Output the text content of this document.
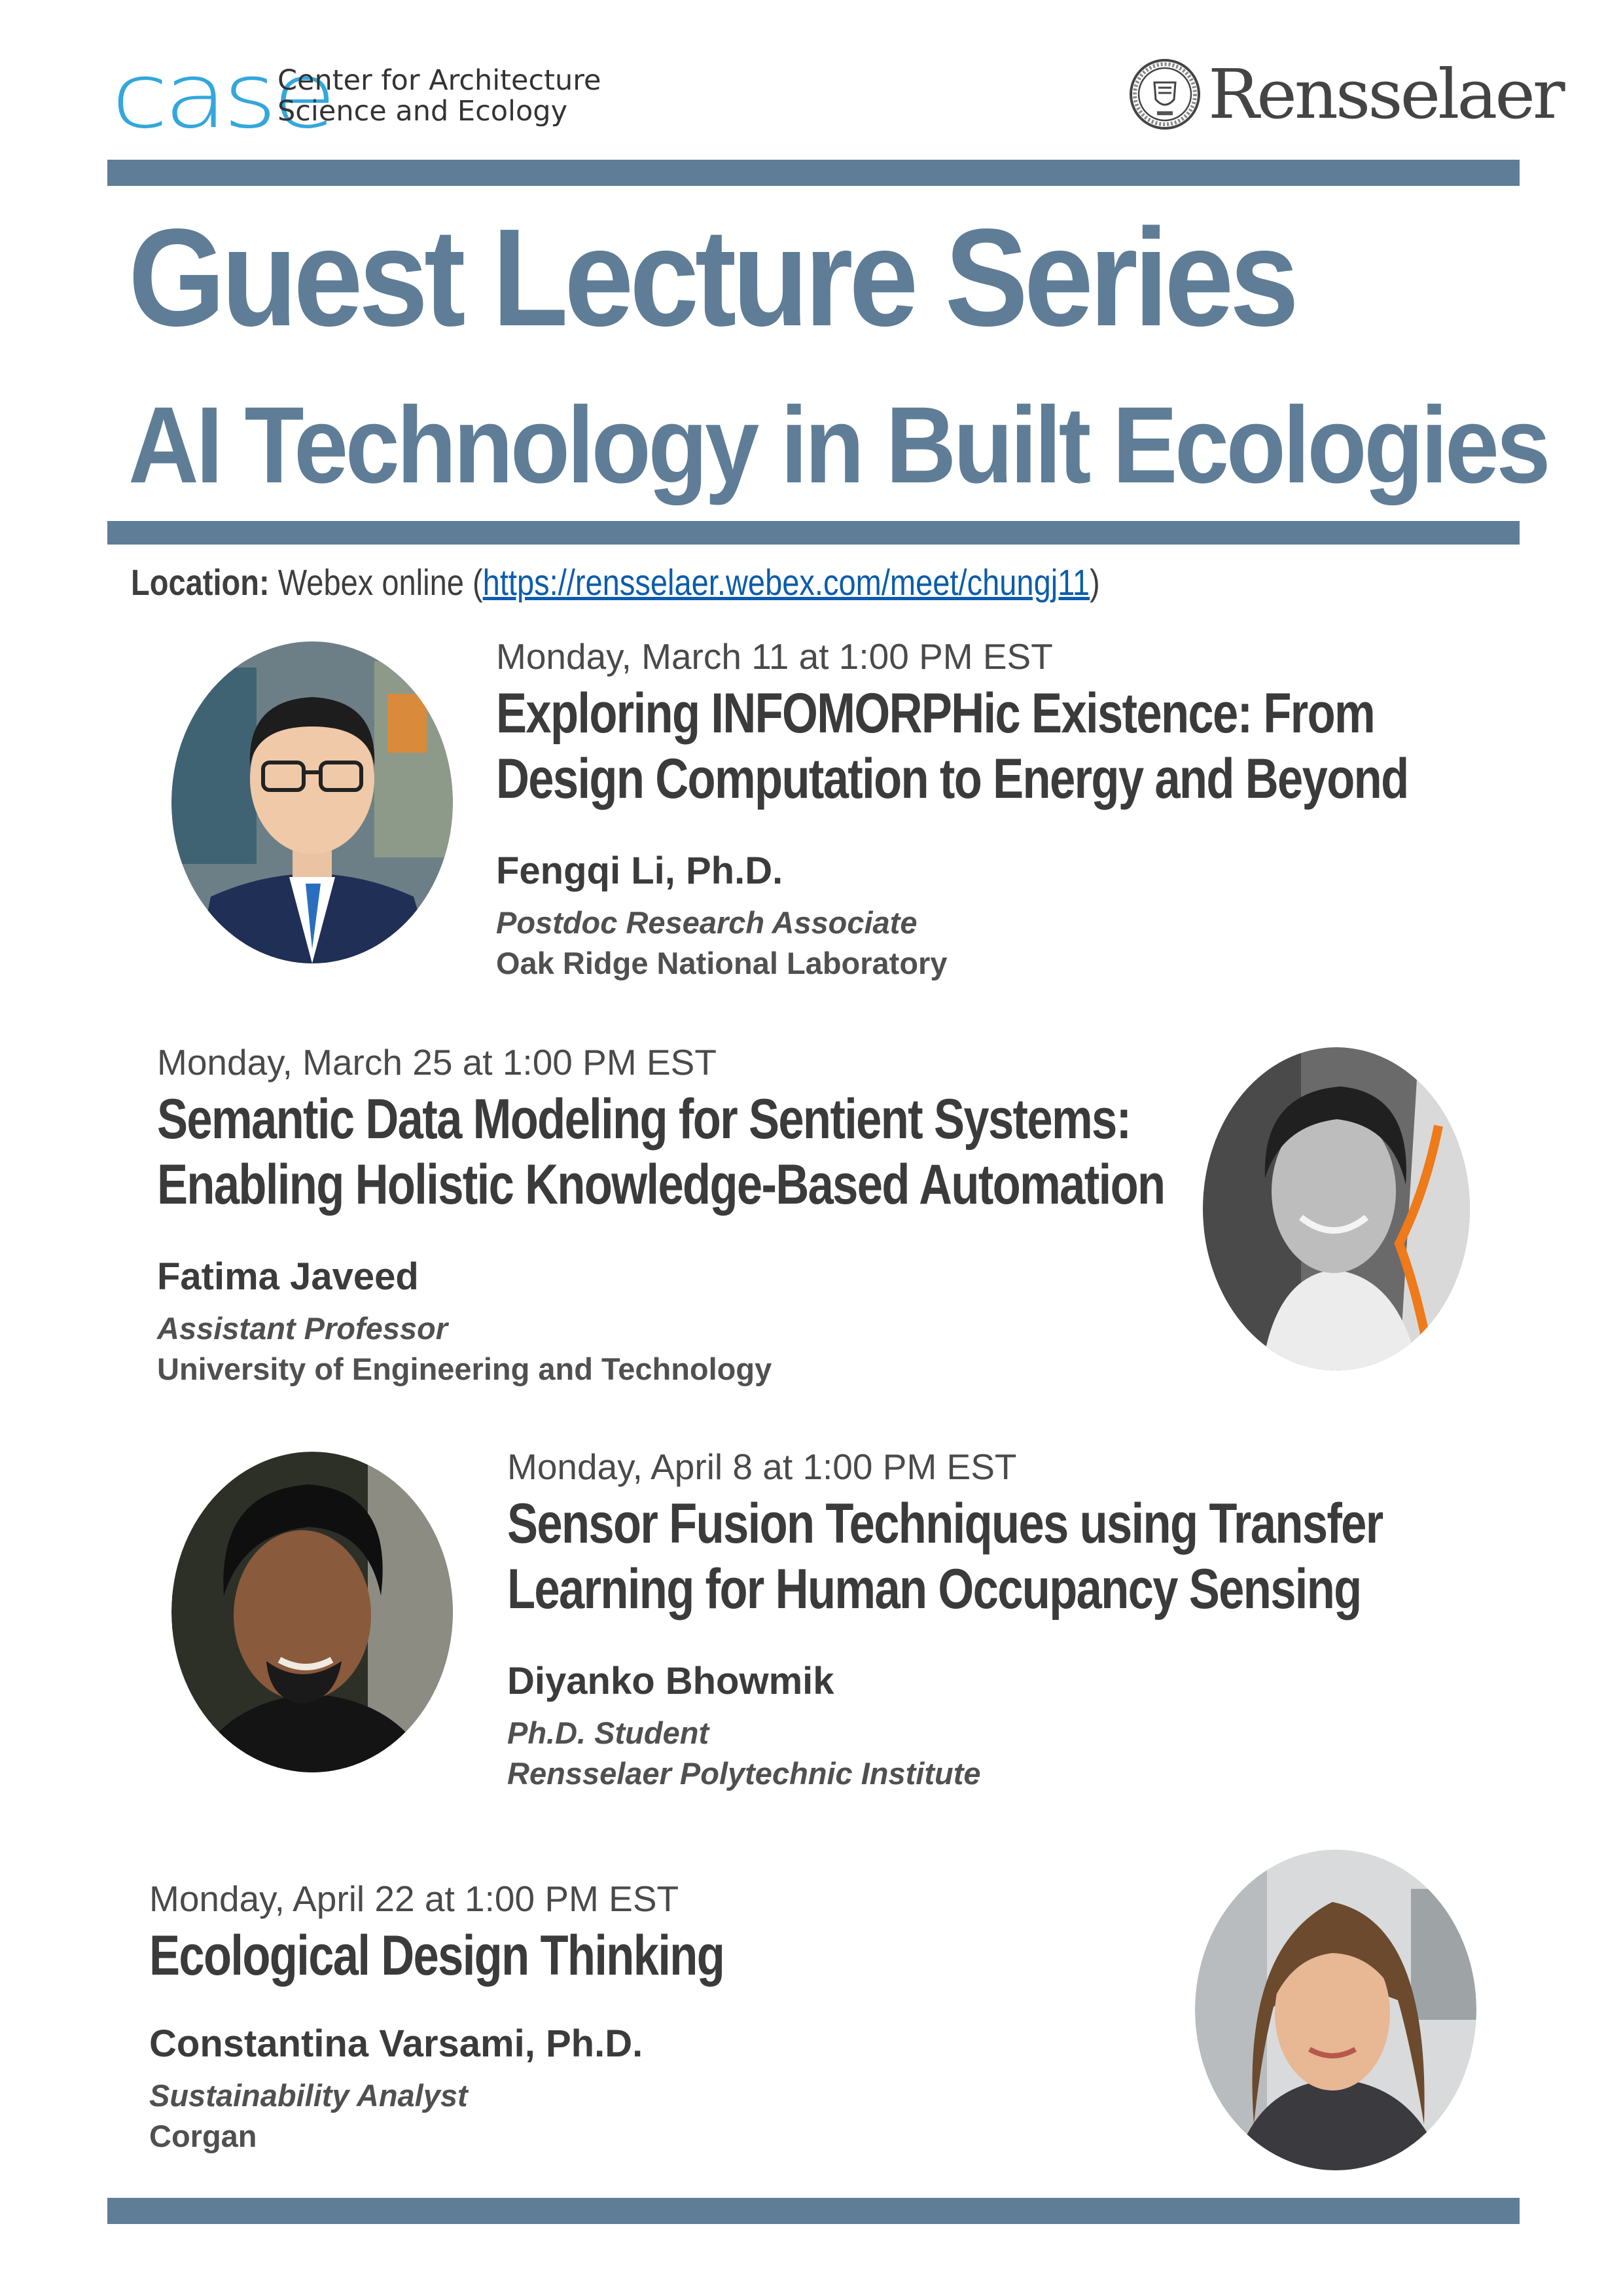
case
Center for Architecture
Science and Ecology	Rensselaer
Guest Lecture Series
AI Technology in Built Ecologies
Location: Webex online (https://rensselaer.webex.com/meet/chungj11)
Monday, March 11 at 1:00 PM EST
Exploring INFOMORPHic Existence: From
Design Computation to Energy and Beyond
Fengqi Li, Ph.D.
Postdoc Research Associate
Oak Ridge National Laboratory
Monday, March 25 at 1:00 PM EST
Semantic Data Modeling for Sentient Systems:
Enabling Holistic Knowledge-Based Automation
Fatima Javeed
Assistant Professor
University of Engineering and Technology
Monday, April 8 at 1:00 PM EST
Sensor Fusion Techniques using Transfer
Learning for Human Occupancy Sensing
Diyanko Bhowmik
Ph.D. Student
Rensselaer Polytechnic Institute
Monday, April 22 at 1:00 PM EST
Ecological Design Thinking
Constantina Varsami, Ph.D.
Sustainability Analyst
Corgan
